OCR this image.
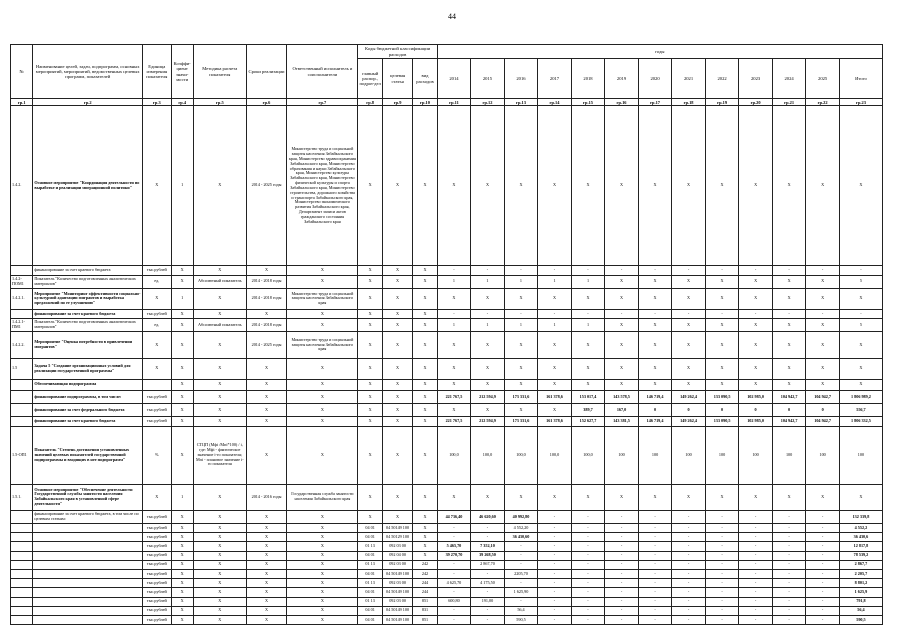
44
№	Наименование целей, задач, подпрограмм, основных мероприятий, мероприятий, ведомственных целевых программ, показателей	Единица измерения показателя	Коэффи-циент значи-мости	Методика расчета показателя	Сроки реализации	Ответственный исполнитель и соисполнители	Коды бюджетной классификации расходов			годы												
							главный распор., подраз-дел	целевая статья	вид расходов	2014	2015	2016	2017	2018	2019	2020	2021	2022	2023	2024	2025	Итого
гр.1	гр.2	гр.3	гр.4	гр.5	гр.6	гр.7	гр.8	гр.9	гр.10	гр.11	гр.12	гр.13	гр.14	гр.15	гр.16	гр.17	гр.18	гр.19	гр.20	гр.21	гр.22	гр.23
1.4.2.	Основное мероприятие "Координация деятельности по выработке и реализации миграционной политики"	X	1	X	2014 - 2025 годы	Министерство труда и социальной защиты населения Забайкальского края, Министерство здравоохранения Забайкальского края, Министерство образования и науки Забайкальского края, Министерство культуры Забайкальского края, Министерство физической культуры и спорта Забайкальского края, Министерство строительства, дорожного хозяйства и транспорта Забайкальского края, Министерство экономического развития Забайкальского края, Департамент записи актов гражданского состояния Забайкальского края	X	X	X	X	X	X	X	X	X	X	X	X	X	X	X	X
	финансирование за счет краевого бюджета	тыс.рублей	X	X	X	X	X	X	X	-	-	-	-	-	-	-	-	-	-	-	-	-
1.4.2- ПОМ1	Показатель "Количество подготовленных аналитических материалов"	ед.	X	Абсолютный показатель	2014 - 2018 годы	X	X	X	X	1	1	1	1	1	X	X	X	X	X	X	X	5
1.4.2.1.	Мероприятие "Мониторинг эффективности социально-культурной адаптации мигрантов и выработка предложений по ее улучшению"	X	1	X	2014 - 2018 годы	Министерство труда и социальной защиты населения Забайкальского края	X	X	X	X	X	X	X	X	X	X	X	X	X	X	X	X
	финансирование за счет краевого бюджета	тыс.рублей	X	X	X	X	X	X	X	-	-	-	-	-	-	-	-	-	-	-	-	-
1.4.2.1- ПМ1	Показатель "Количество подготовленных аналитических материалов"	ед.	X	Абсолютный показатель	2014 - 2018 годы	X	X	X	X	1	1	1	1	1	X	X	X	X	X	X	X	5
1.4.2.2.	Мероприятие "Оценка потребности в привлечении мигрантов"	X	X	X	2014 - 2025 годы	Министерство труда и социальной защиты населения Забайкальского края	X	X	X	X	X	X	X	X	X	X	X	X	X	X	X	X
1.5	Задача 5 "Создание организационных условий для реализации государственной программы"	X	X	X	X	X	X	X	X	X	X	X	X	X	X	X	X	X	X	X	X	X
	Обеспечивающая подпрограмма		X	X	X	X	X	X	X	X	X	X	X	X	X	X	X	X	X	X	X	X
	финансирование подпрограммы, в том числе:	тыс.рублей	X	X	X	X	X	X	X	221 767,5	212 594,9	173 331,6	161 378,6	153 017,4	143 578,5	146 719,4	149 262,4	133 090,5	102 985,0	104 942,7	104 942,7	1 806 989,2
	финансирование за счет федерального бюджета	тыс.рублей	X	X	X	X	X	X	X	X	X	X	X	389,7	167,0	0	0	0	0	0	0	556,7
	финансирование за счет краевого бюджета	тыс.рублей	X	X	X	X	X	X	X	221 767,5	212 594,9	173 331,6	161 378,6	152 627,7	143 381,5	146 719,4	149 262,4	133 090,5	102 985,0	104 942,7	104 942,7	1 806 332,5
1.5-ОП1	Показатель "Степень достижения установленных значений целевых показателей государственной подпрограммы и входящих в нее подпрограмм"	%	X	СТЦП (Мфi /Мпi*100) / i, где: Мфi - фактическое значение i-го показателя; Мпi - плановое значение i-го показателя	X	X	X	X	X	100,0	100,0	100,0	100,0	100,0	100	100	100	100	100	100	100	100
1.5.1.	Основное мероприятие "Обеспечение деятельности Государственной службы занятости населения Забайкальского края в установленной сфере деятельности"	X	1	X	2014 - 2016 годы	Государственная служба занятости населения Забайкальского края	X	X	X	X	X	X	X	X	X	X	X	X	X	X	X	X
	финансирование за счет краевого бюджета, в том числе по целевым статьям:	тыс.рублей	X	X	X	X	X	X	X	44 736,40	46 620,60	40 992,80	-	-	-	-	-	-	-	-	-	132 339,8
		тыс.рублей	X	X	X	X	04 01	04 50149 100	X	-	-	4 552,20	-	-	-	-	-	-	-	-	-	4 552,2
		тыс.рублей	X	X	X	X	04 01	04 50129 100	X	-	-	36 430,60	-	-	-	-	-	-	-	-	-	36 430,6
		тыс.рублей	X	X	X	X	01 13	092 03 00	X	5 465,70	7 352,10	-	-	-	-	-	-	-	-	-	-	12 817,8
		тыс.рублей	X	X	X	X	04 01	092 04 00	X	39 270,70	39 268,50	-	-	-	-	-	-	-	-	-	-	78 539,2
		тыс.рублей	X	X	X	X	01 13	092 03 00	242	-	2 867,70	-	-	-	-	-	-	-	-	-	-	2 867,7
		тыс.рублей	X	X	X	X	04 01	04 50149 100	242	-	-	2205,70	-	-	-	-	-	-	-	-	-	2 205,7
		тыс.рублей	X	X	X	X	01 13	092 03 00	244	4 625,70	4 175,50	-	-	-	-	-	-	-	-	-	-	8 801,2
		тыс.рублей	X	X	X	X	04 01	04 50149 100	244	-	-	1 625,90	-	-	-	-	-	-	-	-	-	1 625,9
		тыс.рублей	X	X	X	X	01 13	092 03 00	851	600,80	191,00	-	-	-	-	-	-	-	-	-	-	791,8
		тыс.рублей	X	X	X	X	04 01	04 50149 100	831	-	-	56,4	-	-	-	-	-	-	-	-	-	56,4
		тыс.рублей	X	X	X	X	04 01	04 50149 100	851	-	-	590,5	-	-	-	-	-	-	-	-	-	590,5
